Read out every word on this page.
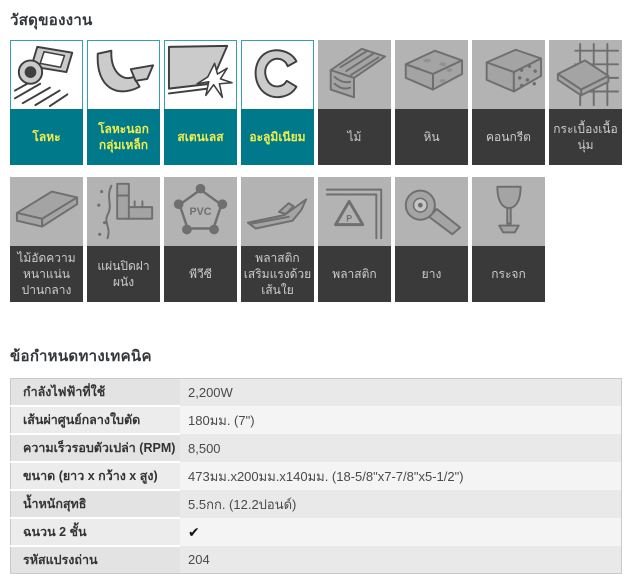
วัสดุของงาน
โลหะ
โลหะนอก​กลุ่มเหล็ก
สเตนเลส	อะลูมิเนียม	ไม้	หิน	คอนกรีต
กระเบื้อง​เนื้อนุ่ม
ไม้อัด​ความหนา​แน่นปาน​กลาง
แผ่นปิด​ฝาผนัง
PVC
พีวีซี
พลาสติก​เสริมแรง​ด้วย​เส้นใย
P
พลาสติก	ยาง	กระจก
ข้อกำหนดทางเทคนิค
กำลังไฟฟ้าที่ใช้	2,200W
เส้นผ่าศูนย์กลางใบตัด	180มม. (7")
ความเร็วรอบตัวเปล่า (RPM)	8,500
ขนาด (ยาว x กว้าง x สูง)	473มม.x200มม.x140มม. (18-5/8"x7-7/8"x5-1/2")
น้ำหนักสุทธิ	5.5กก. (12.2ปอนด์)
ฉนวน 2 ชั้น	✔
รหัสแปรงถ่าน	204
